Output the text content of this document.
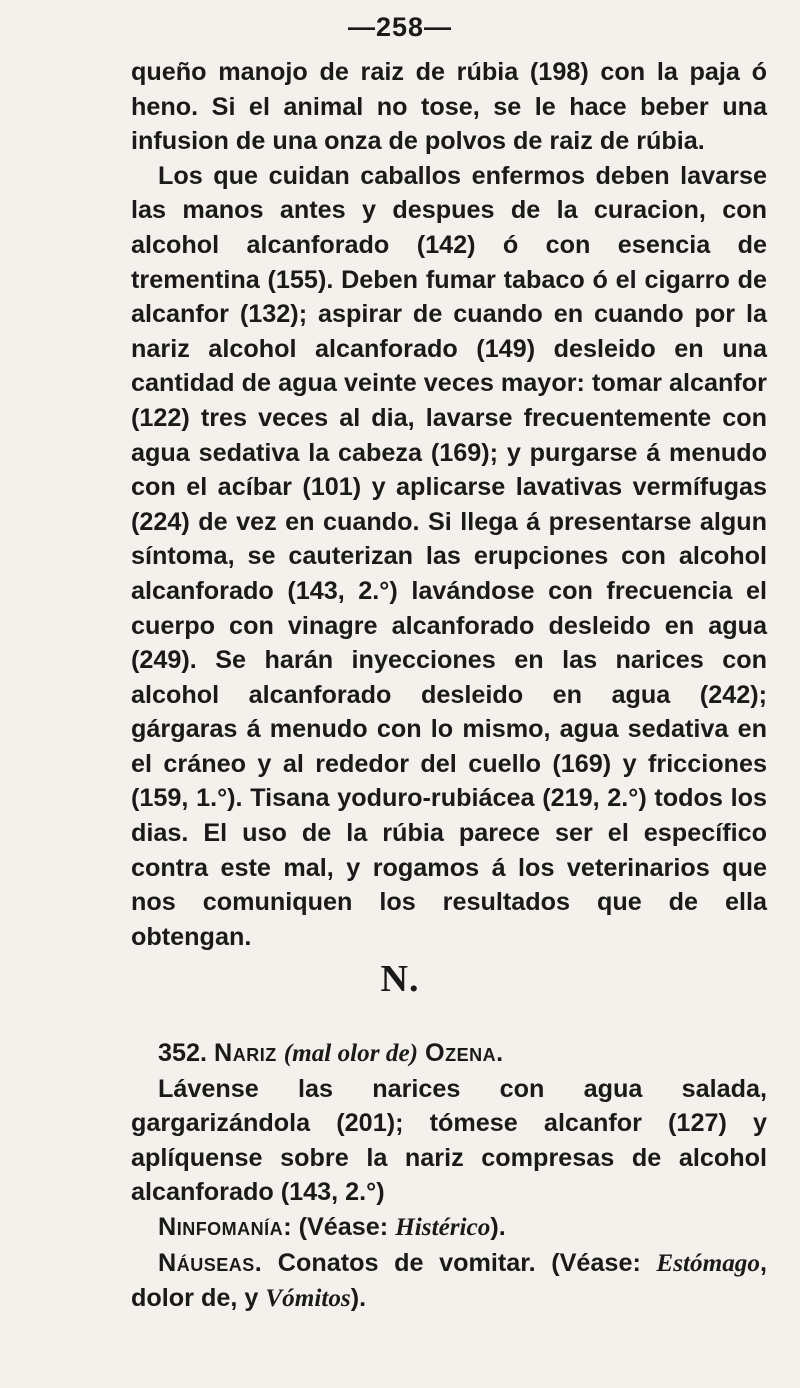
—258—

queño manojo de raiz de rúbia (198) con la paja ó heno. Si el animal no tose, se le hace beber una infusion de una onza de polvos de raiz de rúbia.

Los que cuidan caballos enfermos deben lavarse las manos antes y despues de la curacion, con alcohol alcanforado (142) ó con esencia de trementina (155). Deben fumar tabaco ó el cigarro de alcanfor (132); aspirar de cuando en cuando por la nariz alcohol alcanforado (149) desleido en una cantidad de agua veinte veces mayor: tomar alcanfor (122) tres veces al dia, lavarse frecuentemente con agua sedativa la cabeza (169); y purgarse á menudo con el acíbar (101) y aplicarse lavativas vermífugas (224) de vez en cuando. Si llega á presentarse algun síntoma, se cauterizan las erupciones con alcohol alcanforado (143, 2.°) lavándose con frecuencia el cuerpo con vinagre alcanforado desleido en agua (249). Se harán inyecciones en las narices con alcohol alcanforado desleido en agua (242); gárgaras á menudo con lo mismo, agua sedativa en el cráneo y al rededor del cuello (169) y fricciones (159, 1.°). Tisana yoduro-rubiácea (219, 2.°) todos los dias. El uso de la rúbia parece ser el específico contra este mal, y rogamos á los veterinarios que nos comuniquen los resultados que de ella obtengan.

N.

352. Nariz (mal olor de) Ozena.

Lávense las narices con agua salada, gargarizándola (201); tómese alcanfor (127) y aplíquense sobre la nariz compresas de alcohol alcanforado (143, 2.°)

Ninfomanía: (Véase: Histérico).

Náuseas. Conatos de vomitar. (Véase: Estómago, dolor de, y Vómitos).
